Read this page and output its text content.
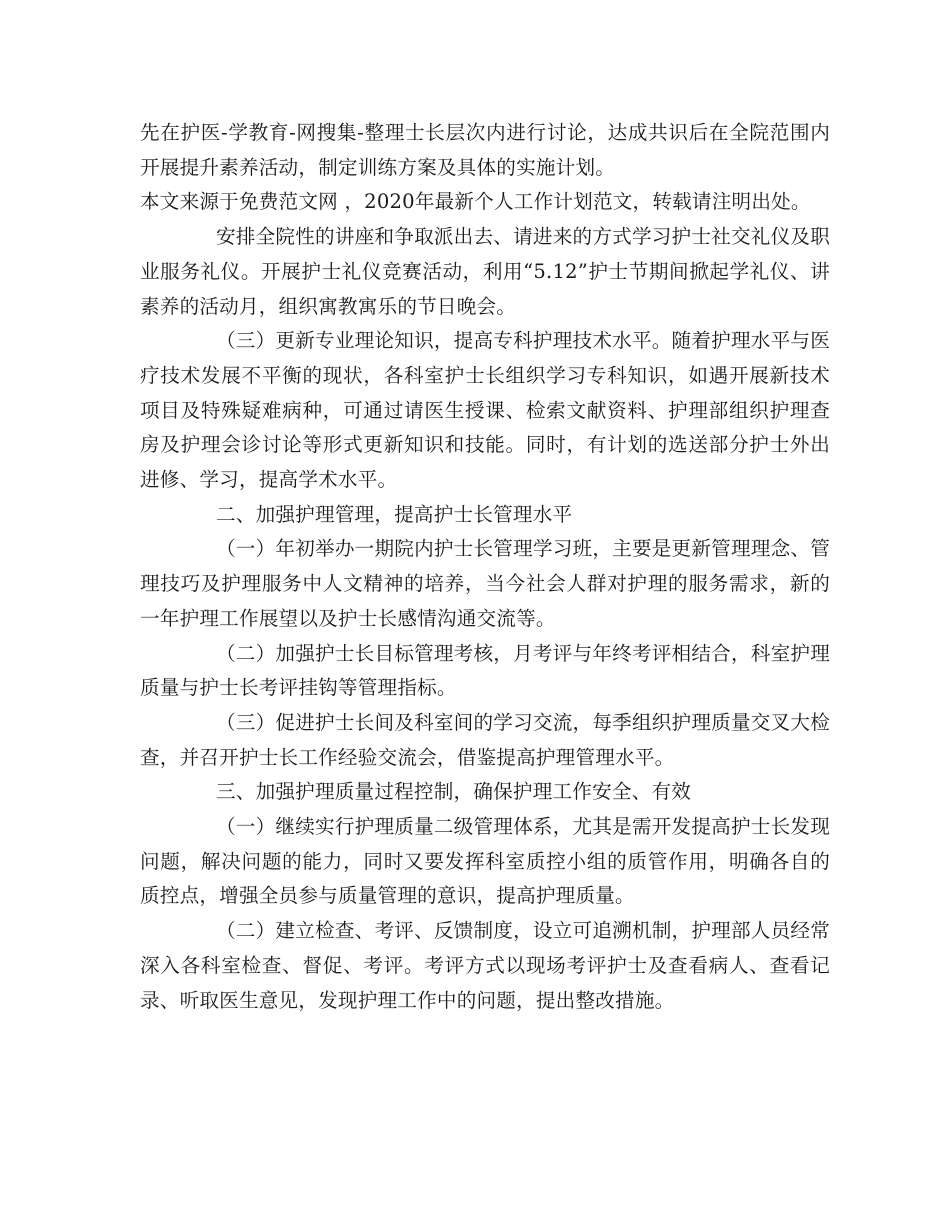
先在护医-学教育-网搜集-整理士长层次内进行讨论，达成共识后在全院范围内开展提升素养活动，制定训练方案及具体的实施计划。

本文来源于免费范文网 ，2020年最新个人工作计划范文，转载请注明出处。

安排全院性的讲座和争取派出去、请进来的方式学习护士社交礼仪及职业服务礼仪。开展护士礼仪竞赛活动，利用“5.12”护士节期间掀起学礼仪、讲素养的活动月，组织寓教寓乐的节日晚会。

（三）更新专业理论知识，提高专科护理技术水平。随着护理水平与医疗技术发展不平衡的现状，各科室护士长组织学习专科知识，如遇开展新技术项目及特殊疑难病种，可通过请医生授课、检索文献资料、护理部组织护理查房及护理会诊讨论等形式更新知识和技能。同时，有计划的选送部分护士外出进修、学习，提高学术水平。

二、加强护理管理，提高护士长管理水平

（一）年初举办一期院内护士长管理学习班，主要是更新管理理念、管理技巧及护理服务中人文精神的培养，当今社会人群对护理的服务需求，新的一年护理工作展望以及护士长感情沟通交流等。

（二）加强护士长目标管理考核，月考评与年终考评相结合，科室护理质量与护士长考评挂钩等管理指标。

（三）促进护士长间及科室间的学习交流，每季组织护理质量交叉大检查，并召开护士长工作经验交流会，借鉴提高护理管理水平。

三、加强护理质量过程控制，确保护理工作安全、有效

（一）继续实行护理质量二级管理体系，尤其是需开发提高护士长发现问题，解决问题的能力，同时又要发挥科室质控小组的质管作用，明确各自的质控点，增强全员参与质量管理的意识，提高护理质量。

（二）建立检查、考评、反馈制度，设立可追溯机制，护理部人员经常深入各科室检查、督促、考评。考评方式以现场考评护士及查看病人、查看记录、听取医生意见，发现护理工作中的问题，提出整改措施。
